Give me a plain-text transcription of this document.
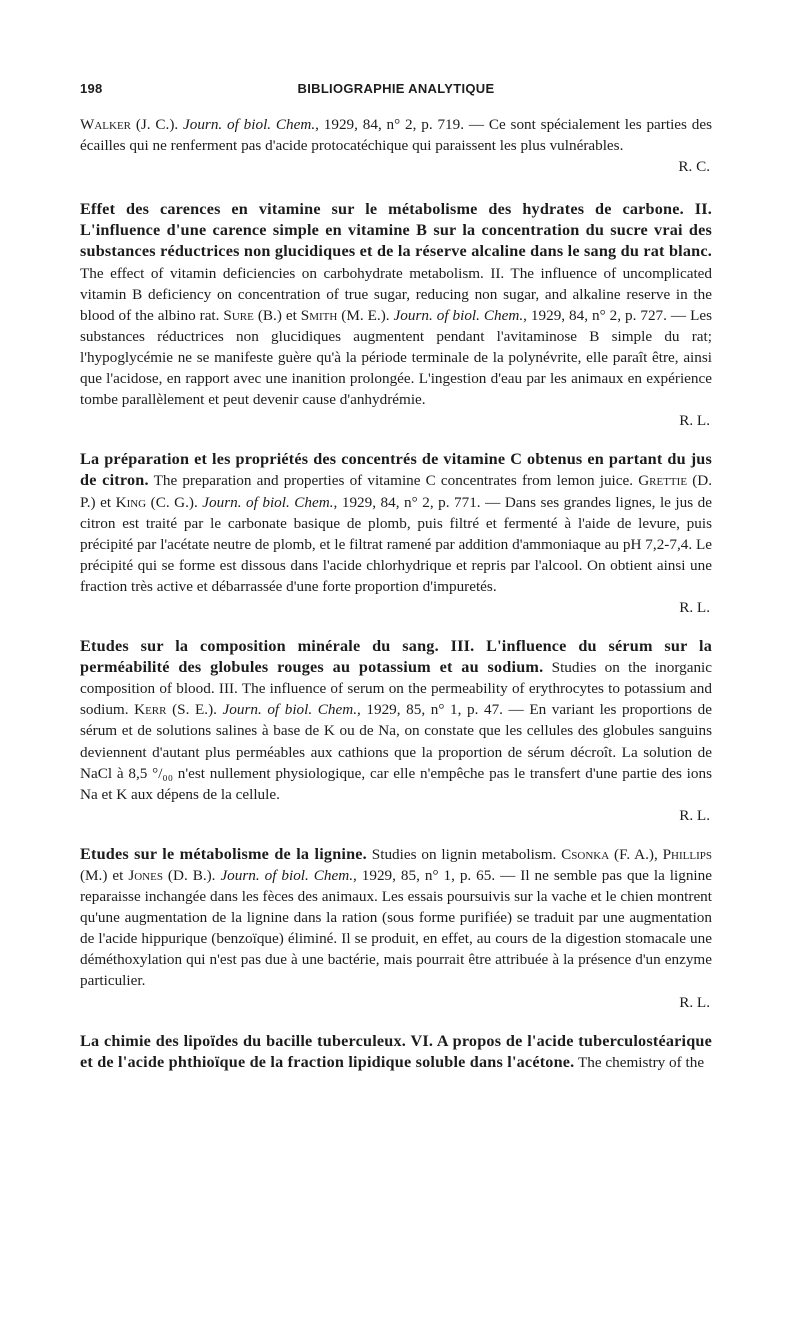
198	BIBLIOGRAPHIE ANALYTIQUE

Walker (J. C.). Journ. of biol. Chem., 1929, 84, n° 2, p. 719. — Ce sont spécialement les parties des écailles qui ne renferment pas d'acide protocatéchique qui paraissent les plus vulnérables.

R. C.

Effet des carences en vitamine sur le métabolisme des hydrates de carbone. II. L'influence d'une carence simple en vitamine B sur la concentration du sucre vrai des substances réductrices non glucidiques et de la réserve alcaline dans le sang du rat blanc. The effect of vitamin deficiencies on carbohydrate metabolism. II. The influence of uncomplicated vitamin B deficiency on concentration of true sugar, reducing non sugar, and alkaline reserve in the blood of the albino rat. Sure (B.) et Smith (M. E.). Journ. of biol. Chem., 1929, 84, n° 2, p. 727. — Les substances réductrices non glucidiques augmentent pendant l'avitaminose B simple du rat; l'hypoglycémie ne se manifeste guère qu'à la période terminale de la polynévrite, elle paraît être, ainsi que l'acidose, en rapport avec une inanition prolongée. L'ingestion d'eau par les animaux en expérience tombe parallèlement et peut devenir cause d'anhydrémie.

R. L.

La préparation et les propriétés des concentrés de vitamine C obtenus en partant du jus de citron. The preparation and properties of vitamine C concentrates from lemon juice. Grettie (D. P.) et King (C. G.). Journ. of biol. Chem., 1929, 84, n° 2, p. 771. — Dans ses grandes lignes, le jus de citron est traité par le carbonate basique de plomb, puis filtré et fermenté à l'aide de levure, puis précipité par l'acétate neutre de plomb, et le filtrat ramené par addition d'ammoniaque au pH 7,2-7,4. Le précipité qui se forme est dissous dans l'acide chlorhydrique et repris par l'alcool. On obtient ainsi une fraction très active et débarrassée d'une forte proportion d'impuretés.

R. L.

Etudes sur la composition minérale du sang. III. L'influence du sérum sur la perméabilité des globules rouges au potassium et au sodium. Studies on the inorganic composition of blood. III. The influence of serum on the permeability of erythrocytes to potassium and sodium. Kerr (S. E.). Journ. of biol. Chem., 1929, 85, n° 1, p. 47. — En variant les proportions de sérum et de solutions salines à base de K ou de Na, on constate que les cellules des globules sanguins deviennent d'autant plus perméables aux cathions que la proportion de sérum décroît. La solution de NaCl à 8,5 °/₀₀ n'est nullement physiologique, car elle n'empêche pas le transfert d'une partie des ions Na et K aux dépens de la cellule.

R. L.

Etudes sur le métabolisme de la lignine. Studies on lignin metabolism. Csonka (F. A.), Phillips (M.) et Jones (D. B.). Journ. of biol. Chem., 1929, 85, n° 1, p. 65. — Il ne semble pas que la lignine reparaisse inchangée dans les fèces des animaux. Les essais poursuivis sur la vache et le chien montrent qu'une augmentation de la lignine dans la ration (sous forme purifiée) se traduit par une augmentation de l'acide hippurique (benzoïque) éliminé. Il se produit, en effet, au cours de la digestion stomacale une déméthoxylation qui n'est pas due à une bactérie, mais pourrait être attribuée à la présence d'un enzyme particulier.

R. L.

La chimie des lipoïdes du bacille tuberculeux. VI. A propos de l'acide tuberculostéarique et de l'acide phthioïque de la fraction lipidique soluble dans l'acétone. The chemistry of the
